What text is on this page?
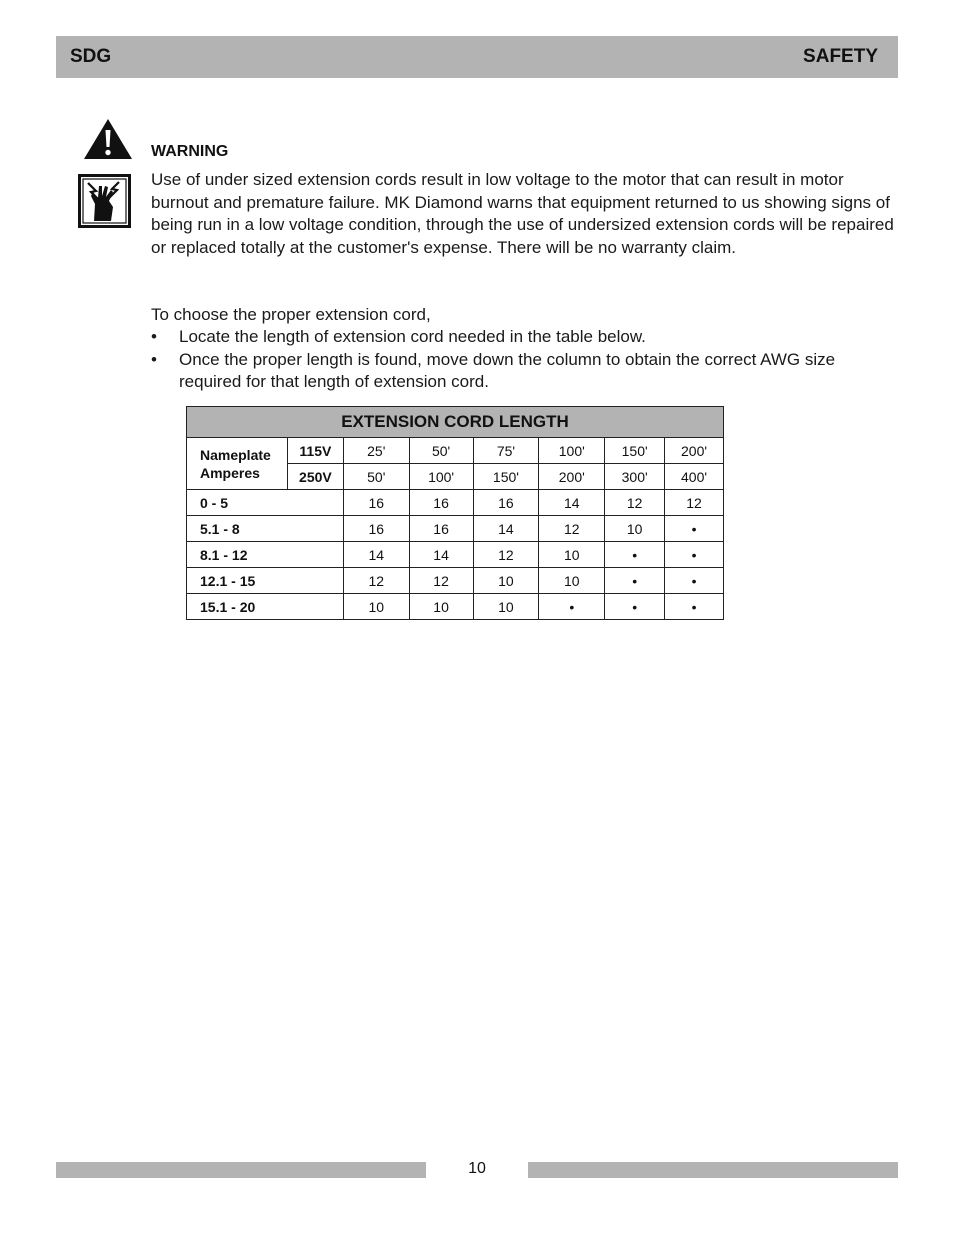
SDG	SAFETY
WARNING

Use of under sized extension cords result in low voltage to the motor that can result in motor burnout and premature failure. MK Diamond warns that equipment returned to us showing signs of being run in a low voltage condition, through the use of undersized extension cords will be repaired or replaced totally at the customer's expense. There will be no warranty claim.

To choose the proper extension cord,

• Locate the length of extension cord needed in the table below.
• Once the proper length is found, move down the column to obtain the correct AWG size required for that length of extension cord.
EXTENSION CORD LENGTH							
Nameplate
Amperes	115V	25'	50'	75'	100'	150'	200'
	250V	50'	100'	150'	200'	300'	400'
0 - 5		16	16	16	14	12	12
5.1 - 8		16	16	14	12	10	•
8.1 - 12		14	14	12	10	•	•
12.1 - 15		12	12	10	10	•	•
15.1 - 20		10	10	10	•	•	•
10
